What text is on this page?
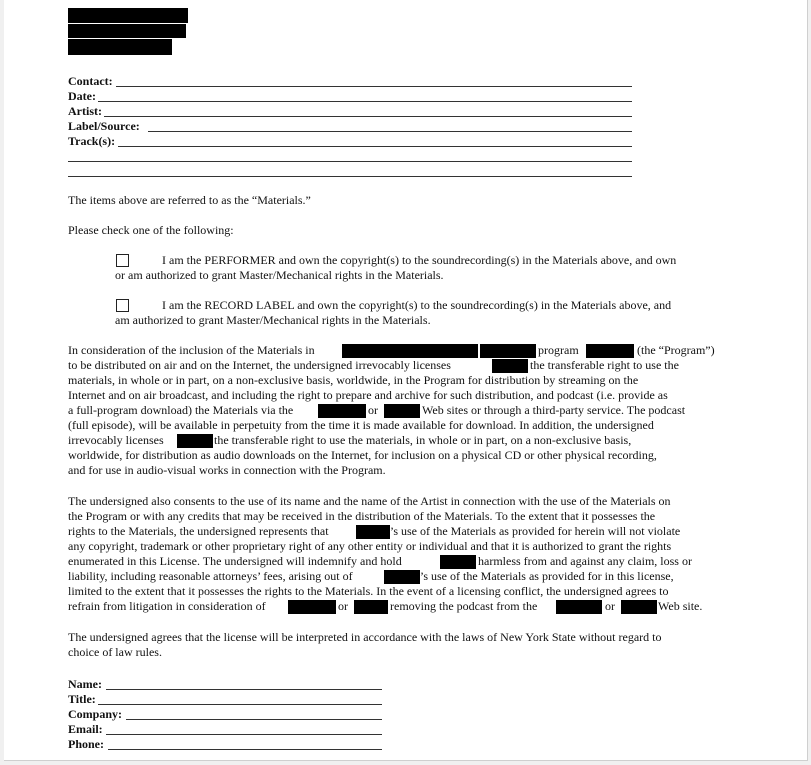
Contact:
Date:
Artist:
Label/Source:
Track(s):
The items above are referred to as the “Materials.”
Please check one of the following:
I am the PERFORMER and own the copyright(s) to the soundrecording(s) in the Materials above, and own
or am authorized to grant Master/Mechanical rights in the Materials.
I am the RECORD LABEL and own the copyright(s) to the soundrecording(s) in the Materials above, and
am authorized to grant Master/Mechanical rights in the Materials.
In consideration of the inclusion of the Materials in	program	(the “Program”)
to be distributed on air and on the Internet, the undersigned irrevocably licenses	the transferable right to use the
materials, in whole or in part, on a non-exclusive basis, worldwide, in the Program for distribution by streaming on the
Internet and on air broadcast, and including the right to prepare and archive for such distribution, and podcast (i.e. provide as
a full-program download) the Materials via the	or	Web sites or through a third-party service. The podcast
(full episode), will be available in perpetuity from the time it is made available for download. In addition, the undersigned
irrevocably licenses	the transferable right to use the materials, in whole or in part, on a non-exclusive basis,
worldwide, for distribution as audio downloads on the Internet, for inclusion on a physical CD or other physical recording,
and for use in audio-visual works in connection with the Program.
The undersigned also consents to the use of its name and the name of the Artist in connection with the use of the Materials on
the Program or with any credits that may be received in the distribution of the Materials. To the extent that it possesses the
rights to the Materials, the undersigned represents that	’s use of the Materials as provided for herein will not violate
any copyright, trademark or other proprietary right of any other entity or individual and that it is authorized to grant the rights
enumerated in this License. The undersigned will indemnify and hold	harmless from and against any claim, loss or
liability, including reasonable attorneys’ fees, arising out of	’s use of the Materials as provided for in this license,
limited to the extent that it possesses the rights to the Materials. In the event of a licensing conflict, the undersigned agrees to
refrain from litigation in consideration of	or	removing the podcast from the	or	Web site.
The undersigned agrees that the license will be interpreted in accordance with the laws of New York State without regard to
choice of law rules.
Name:
Title:
Company:
Email:
Phone:
